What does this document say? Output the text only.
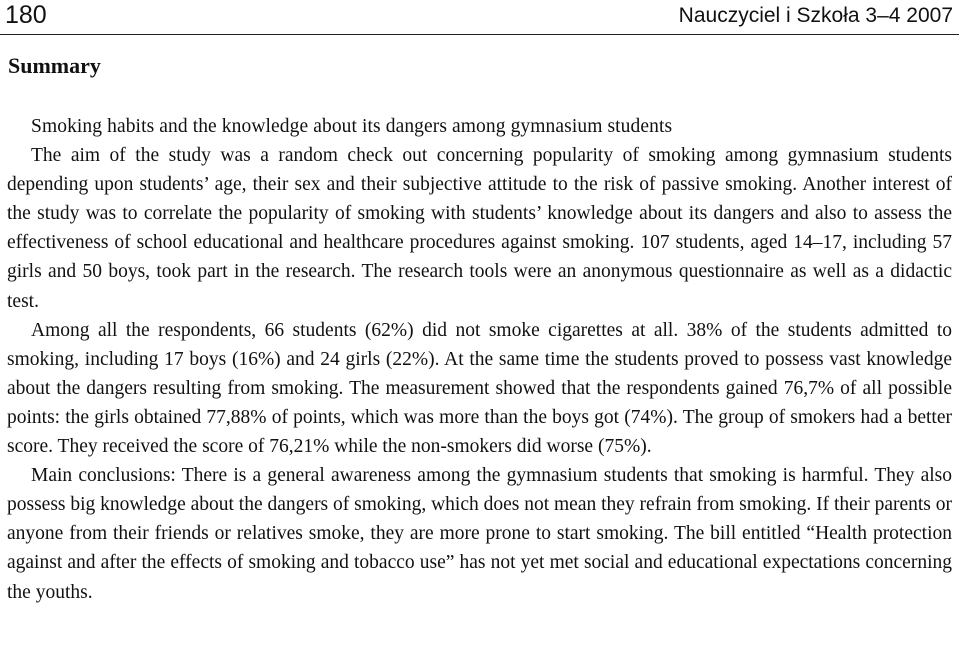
180	Nauczyciel i Szkoła 3–4 2007
Summary

Smoking habits and the knowledge about its dangers among gymnasium students

The aim of the study was a random check out concerning popularity of smoking among gymnasium students depending upon students’ age, their sex and their subjective attitude to the risk of passive smoking. Another interest of the study was to correlate the popularity of smoking with students’ knowledge about its dangers and also to assess the effectiveness of school educational and healthcare procedures against smoking. 107 students, aged 14–17, including 57 girls and 50 boys, took part in the research. The research tools were an anonymous questionnaire as well as a didactic test.

Among all the respondents, 66 students (62%) did not smoke cigarettes at all. 38% of the students admitted to smoking, including 17 boys (16%) and 24 girls (22%). At the same time the students proved to possess vast knowledge about the dangers resulting from smoking. The measurement showed that the respondents gained 76,7% of all possible points: the girls obtained 77,88% of points, which was more than the boys got (74%). The group of smokers had a better score. They received the score of 76,21% while the non-smokers did worse (75%).

Main conclusions: There is a general awareness among the gymnasium students that smoking is harmful. They also possess big knowledge about the dangers of smoking, which does not mean they refrain from smoking. If their parents or anyone from their friends or relatives smoke, they are more prone to start smoking. The bill entitled “Health protection against and after the effects of smoking and tobacco use” has not yet met social and educational expectations concerning the youths.
